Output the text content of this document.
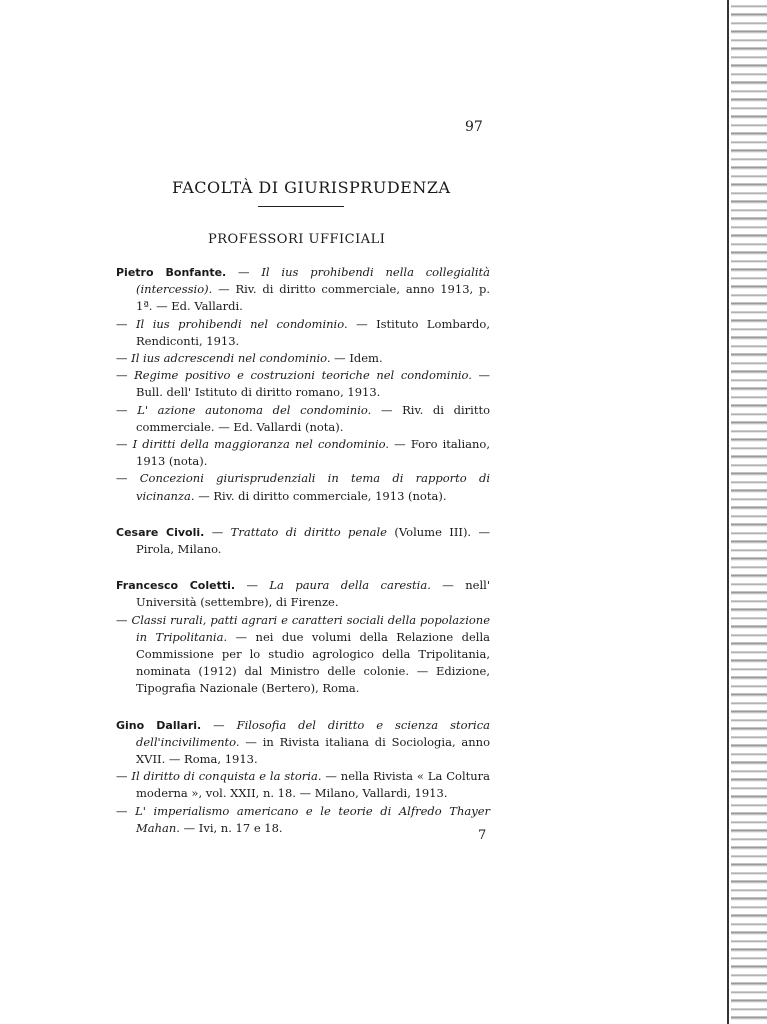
97
FACOLTÀ DI GIURISPRUDENZA
PROFESSORI UFFICIALI
Pietro Bonfante. — Il ius prohibendi nella collegialità (intercessio). — Riv. di diritto commerciale, anno 1913, p. 1ª. — Ed. Vallardi.
— Il ius prohibendi nel condominio. — Istituto Lombardo, Rendiconti, 1913.
— Il ius adcrescendi nel condominio. — Idem.
— Regime positivo e costruzioni teoriche nel condominio. — Bull. dell' Istituto di diritto romano, 1913.
— L' azione autonoma del condominio. — Riv. di diritto commerciale. — Ed. Vallardi (nota).
— I diritti della maggioranza nel condominio. — Foro italiano, 1913 (nota).
— Concezioni giurisprudenziali in tema di rapporto di vicinanza. — Riv. di diritto commerciale, 1913 (nota).
Cesare Civoli. — Trattato di diritto penale (Volume III). — Pirola, Milano.
Francesco Coletti. — La paura della carestia. — nell' Università (settembre), di Firenze.
— Classi rurali, patti agrari e caratteri sociali della popolazione in Tripolitania. — nei due volumi della Relazione della Commissione per lo studio agrologico della Tripolitania, nominata (1912) dal Ministro delle colonie. — Edizione, Tipografia Nazionale (Bertero), Roma.
Gino Dallari. — Filosofia del diritto e scienza storica dell'incivilimento. — in Rivista italiana di Sociologia, anno XVII. — Roma, 1913.
— Il diritto di conquista e la storia. — nella Rivista « La Coltura moderna », vol. XXII, n. 18. — Milano, Vallardi, 1913.
— L' imperialismo americano e le teorie di Alfredo Thayer Mahan. — Ivi, n. 17 e 18.
7
